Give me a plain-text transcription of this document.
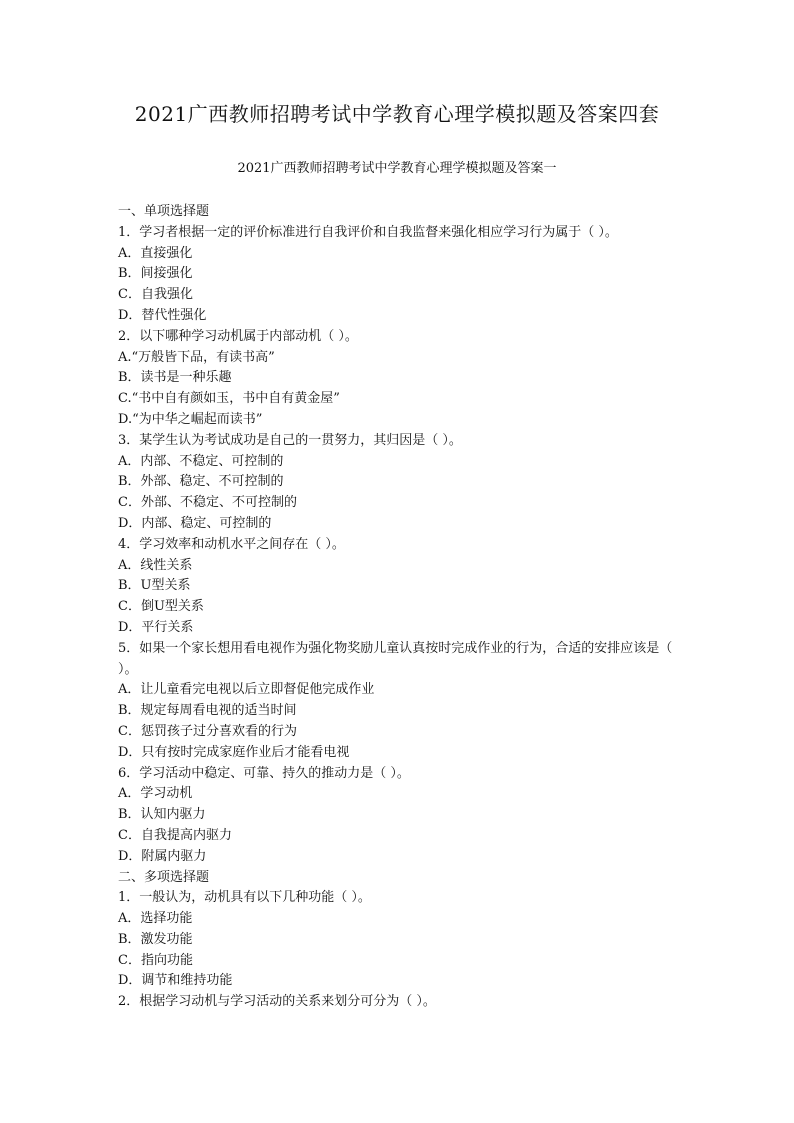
2021广西教师招聘考试中学教育心理学模拟题及答案四套
2021广西教师招聘考试中学教育心理学模拟题及答案一
一、单项选择题
1．学习者根据一定的评价标准进行自我评价和自我监督来强化相应学习行为属于（ ）。
A．直接强化
B．间接强化
C．自我强化
D．替代性强化
2．以下哪种学习动机属于内部动机（ ）。
A.“万般皆下品，有读书高”
B．读书是一种乐趣
C.“书中自有颜如玉，书中自有黄金屋”
D.“为中华之崛起而读书”
3．某学生认为考试成功是自己的一贯努力，其归因是（ ）。
A．内部、不稳定、可控制的
B．外部、稳定、不可控制的
C．外部、不稳定、不可控制的
D．内部、稳定、可控制的
4．学习效率和动机水平之间存在（ ）。
A．线性关系
B．U型关系
C．倒U型关系
D．平行关系
5．如果一个家长想用看电视作为强化物奖励儿童认真按时完成作业的行为，合适的安排应该是（ ）。
A．让儿童看完电视以后立即督促他完成作业
B．规定每周看电视的适当时间
C．惩罚孩子过分喜欢看的行为
D．只有按时完成家庭作业后才能看电视
6．学习活动中稳定、可靠、持久的推动力是（ ）。
A．学习动机
B．认知内驱力
C．自我提高内驱力
D．附属内驱力
二、多项选择题
1．一般认为，动机具有以下几种功能（ ）。
A．选择功能
B．激发功能
C．指向功能
D．调节和维持功能
2．根据学习动机与学习活动的关系来划分可分为（ ）。
